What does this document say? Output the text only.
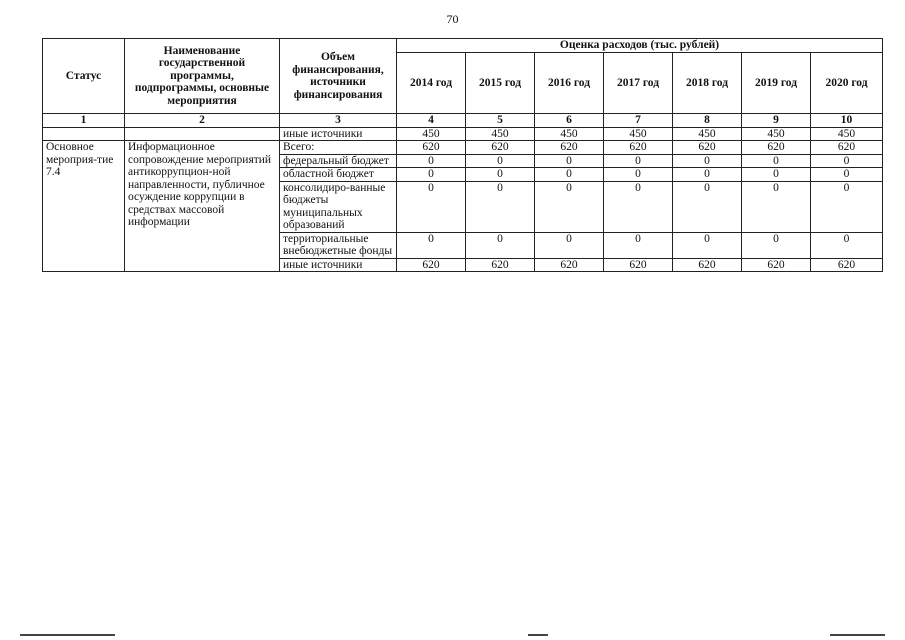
70
Статус	Наименование государственной программы, подпрограммы, основные мероприятия	Объем финансирования, источники финансирования	Оценка расходов (тыс. рублей)						
			2014 год	2015 год	2016 год	2017 год	2018 год	2019 год	2020 год
1	2	3	4	5	6	7	8	9	10
		иные источники	450	450	450	450	450	450	450
Основное мероприя-тие 7.4	Информационное сопровождение мероприятий антикоррупцион-ной направленности, публичное осуждение коррупции в средствах массовой информации	Всего:	620	620	620	620	620	620	620
		федеральный бюджет	0	0	0	0	0	0	0
		областной бюджет	0	0	0	0	0	0	0
		консолидиро-ванные бюджеты муниципальных образований	0	0	0	0	0	0	0
		территориальные внебюджетные фонды	0	0	0	0	0	0	0
		иные источники	620	620	620	620	620	620	620
